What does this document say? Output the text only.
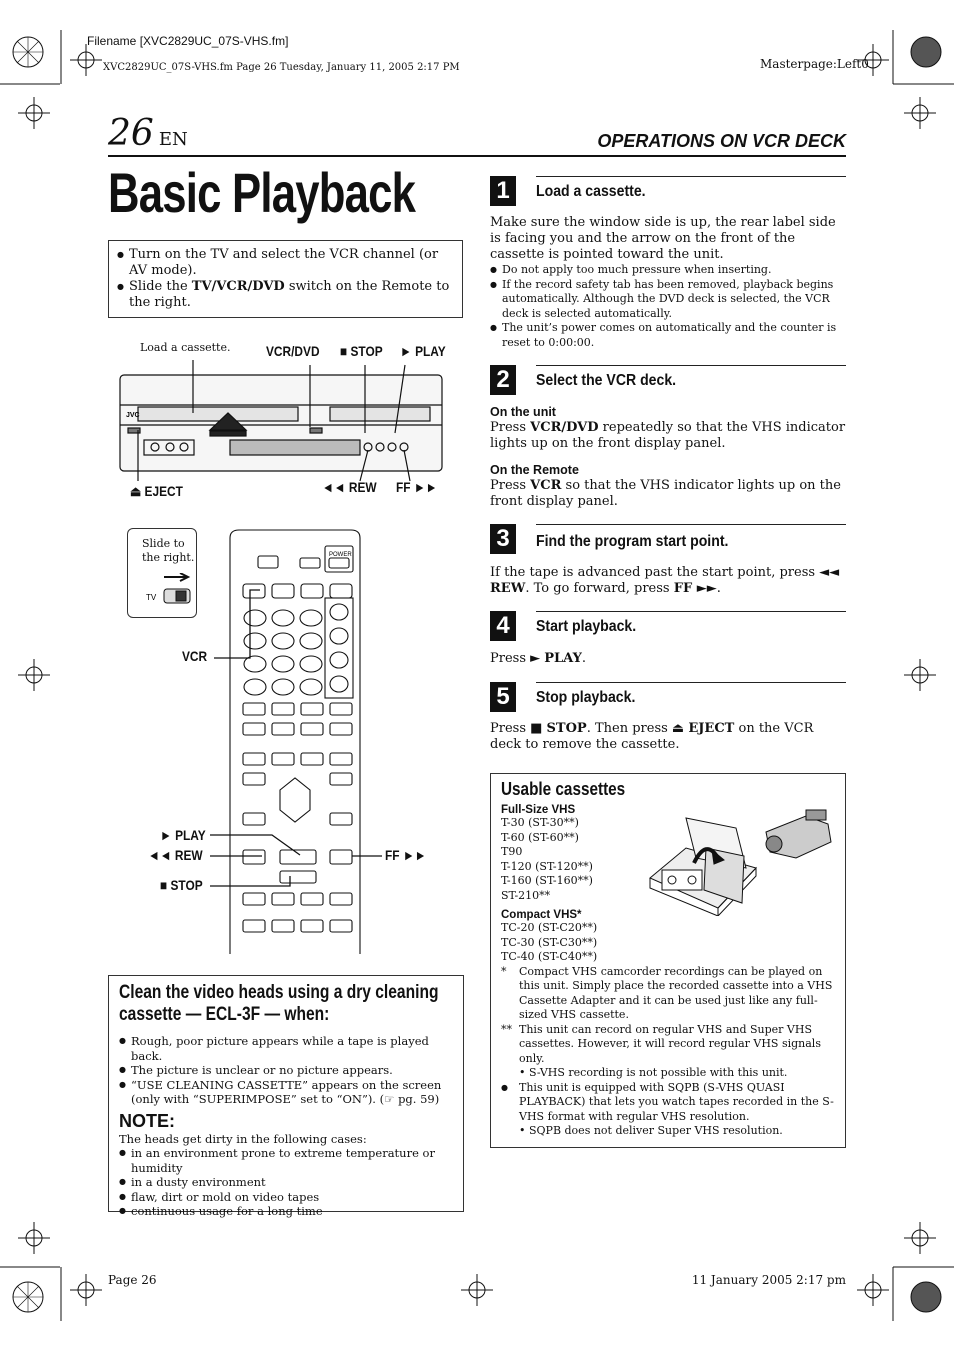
Filename [XVC2829UC_07S-VHS.fm]
XVC2829UC_07S-VHS.fm Page 26 Tuesday, January 11, 2005 2:17 PM	Masterpage:Left0
26 EN	OPERATIONS ON VCR DECK
Basic Playback
● Turn on the TV and select the VCR channel (or AV mode).
● Slide the TV/VCR/DVD switch on the Remote to the right.
Load a cassette.	VCR/DVD ■ STOP ► PLAY
JVC
⏏ EJECT	◄◄ REW FF ►►
Slide to the right.
TV
POWER
VCR
► PLAY
◄◄ REW	FF ►►
■ STOP
Clean the video heads using a dry cleaning cassette — ECL-3F — when:
● Rough, poor picture appears while a tape is played back.
● The picture is unclear or no picture appears.
● “USE CLEANING CASSETTE” appears on the screen (only with “SUPERIMPOSE” set to “ON”). (☞ pg. 59)
NOTE:
The heads get dirty in the following cases:
● in an environment prone to extreme temperature or humidity
● in a dusty environment
● flaw, dirt or mold on video tapes
● continuous usage for a long time
1	Load a cassette.
Make sure the window side is up, the rear label side is facing you and the arrow on the front of the cassette is pointed toward the unit.
● Do not apply too much pressure when inserting.
● If the record safety tab has been removed, playback begins automatically. Although the DVD deck is selected, the VCR deck is selected automatically.
● The unit’s power comes on automatically and the counter is reset to 0:00:00.
2	Select the VCR deck.
On the unit
Press VCR/DVD repeatedly so that the VHS indicator lights up on the front display panel.
On the Remote
Press VCR so that the VHS indicator lights up on the front display panel.
3	Find the program start point.
If the tape is advanced past the start point, press ◄◄ REW. To go forward, press FF ►►.
4	Start playback.
Press ► PLAY.
5	Stop playback.
Press ■ STOP. Then press ⏏ EJECT on the VCR deck to remove the cassette.
Usable cassettes
Full-Size VHS
T-30 (ST-30**)
T-60 (ST-60**)
T90
T-120 (ST-120**)
T-160 (ST-160**)
ST-210**
Compact VHS*
TC-20 (ST-C20**)
TC-30 (ST-C30**)
TC-40 (ST-C40**)
*	Compact VHS camcorder recordings can be played on this unit. Simply place the recorded cassette into a VHS Cassette Adapter and it can be used just like any full-sized VHS cassette.
** This unit can record on regular VHS and Super VHS cassettes. However, it will record regular VHS signals only.
• S-VHS recording is not possible with this unit.
●	This unit is equipped with SQPB (S-VHS QUASI PLAYBACK) that lets you watch tapes recorded in the S-VHS format with regular VHS resolution.
• SQPB does not deliver Super VHS resolution.
Page 26	11 January 2005 2:17 pm
